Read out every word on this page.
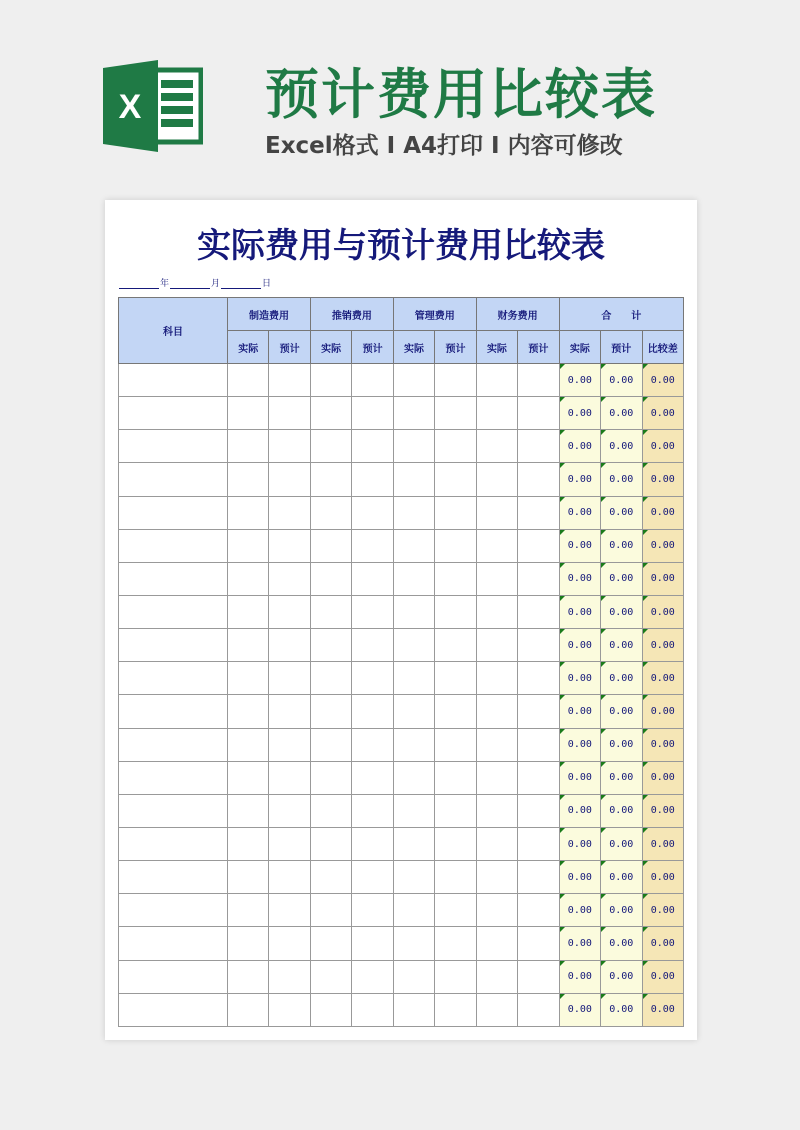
X 预计费用比较表
Excel格式 I A4打印 I 内容可修改
实际费用与预计费用比较表
年	月	日
科目	制造费用		推销费用		管理费用		财务费用		合　　计		
	实际	预计	实际	预计	实际	预计	实际	预计	实际	预计	比较差
									0.00	0.00	0.00
									0.00	0.00	0.00
									0.00	0.00	0.00
									0.00	0.00	0.00
									0.00	0.00	0.00
									0.00	0.00	0.00
									0.00	0.00	0.00
									0.00	0.00	0.00
									0.00	0.00	0.00
									0.00	0.00	0.00
									0.00	0.00	0.00
									0.00	0.00	0.00
									0.00	0.00	0.00
									0.00	0.00	0.00
									0.00	0.00	0.00
									0.00	0.00	0.00
									0.00	0.00	0.00
									0.00	0.00	0.00
									0.00	0.00	0.00
									0.00	0.00	0.00
